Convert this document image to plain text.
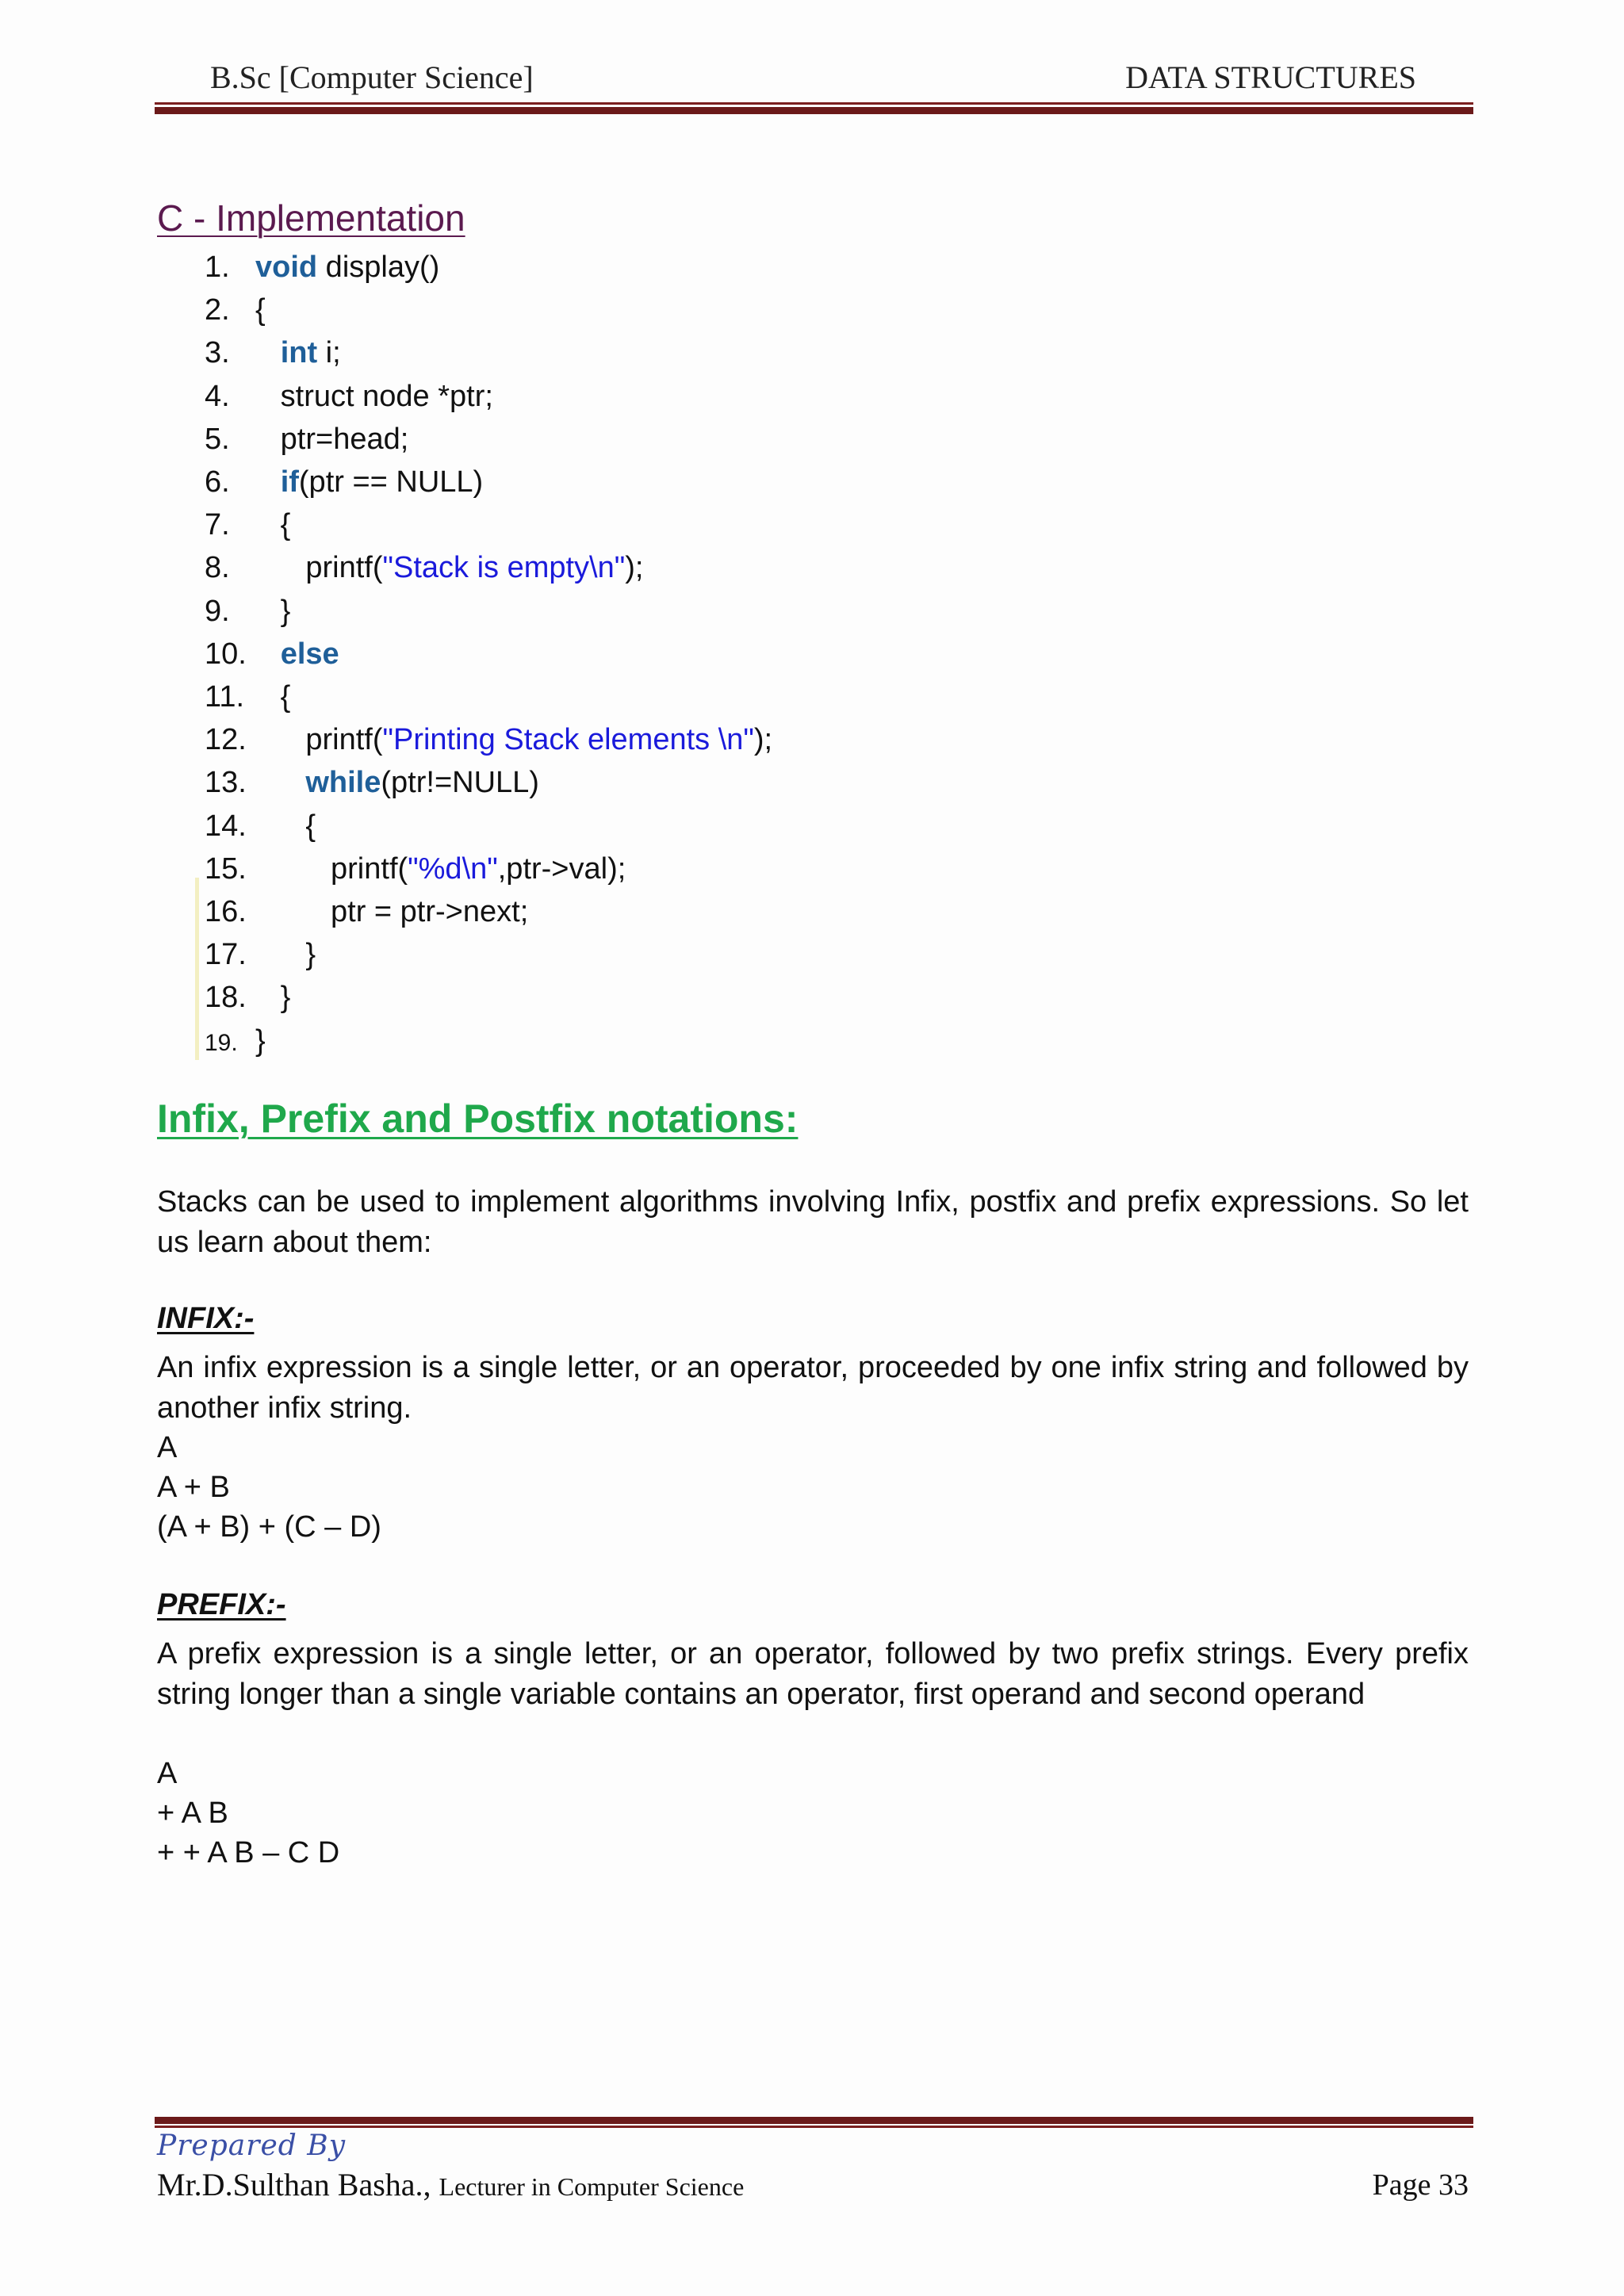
B.Sc [Computer Science]	DATA STRUCTURES
C - Implementation
1. void display()
2. {
3. int i;
4.   struct node *ptr;
5.   ptr=head;
6. if(ptr == NULL)
7.   {
8.      printf("Stack is empty\n");
9.   }
10. else
11.   {
12.      printf("Printing Stack elements \n");
13. while(ptr!=NULL)
14.      {
15.         printf("%d\n",ptr->val);
16.         ptr = ptr->next;
17.      }
18.   }
19. }
Infix, Prefix and Postfix notations:
Stacks can be used to implement algorithms involving Infix, postfix and prefix expressions. So let us learn about them:
INFIX:-
An infix expression is a single letter, or an operator, proceeded by one infix string and followed by another infix string.
A
A + B
(A + B) + (C – D)
PREFIX:-
A prefix expression is a single letter, or an operator, followed by two prefix strings. Every prefix string longer than a single variable contains an operator, first operand and second operand
A
+ A B
+ + A B – C D
Prepared By
Mr.D.Sulthan Basha., Lecturer in Computer Science	Page 33
